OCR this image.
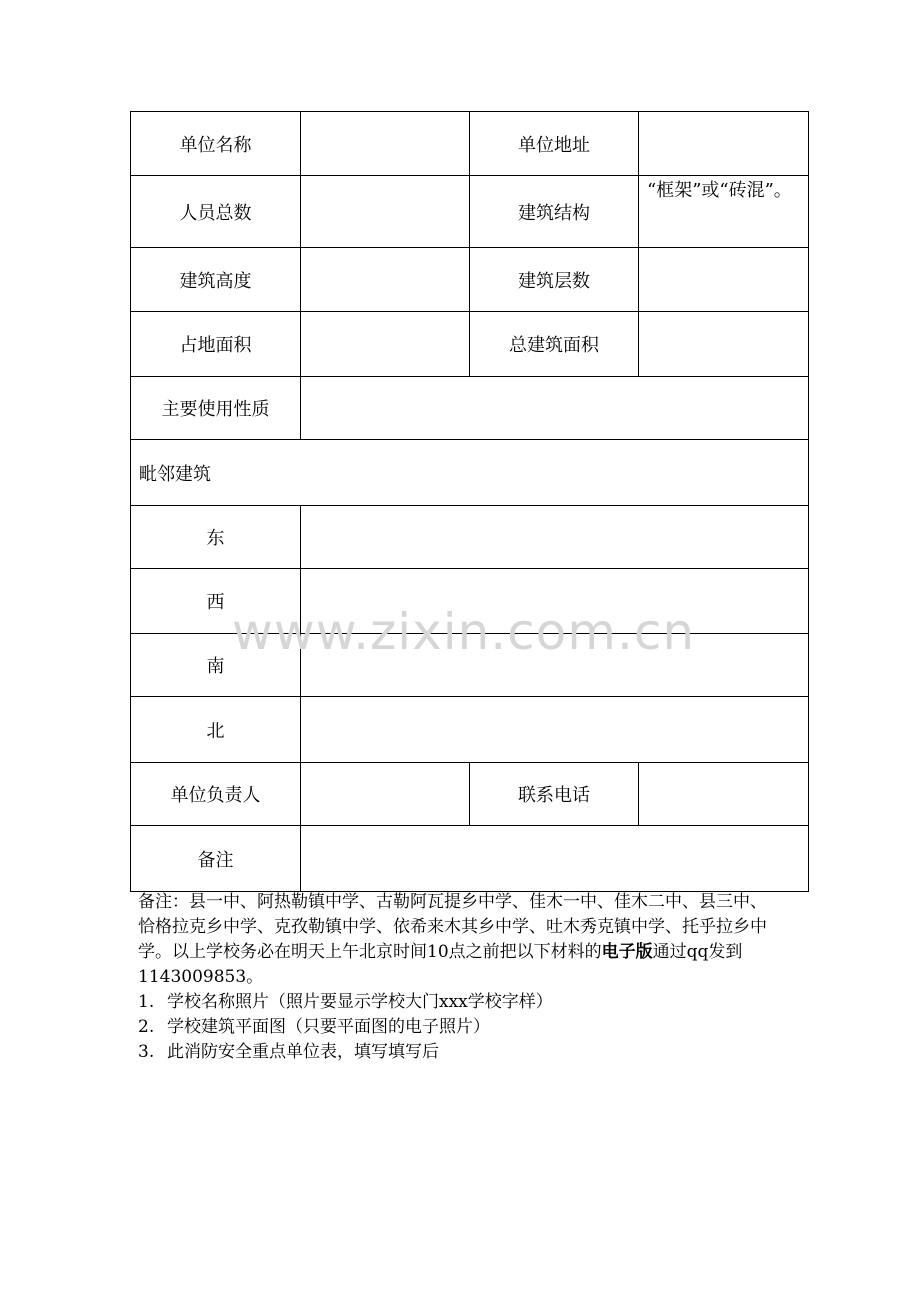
单位名称		单位地址	
人员总数		建筑结构	“框架”或“砖混”。
建筑高度		建筑层数	
占地面积		总建筑面积	
主要使用性质			
毗邻建筑			
东			
西			
南			
北			
单位负责人		联系电话	
备注			
www.zixin.com.cn

备注：县一中、阿热勒镇中学、古勒阿瓦提乡中学、佳木一中、佳木二中、县三中、恰格拉克乡中学、克孜勒镇中学、依希来木其乡中学、吐木秀克镇中学、托乎拉乡中学。以上学校务必在明天上午北京时间10点之前把以下材料的电子版通过qq发到1143009853。

1. 学校名称照片（照片要显示学校大门xxx学校字样）
2. 学校建筑平面图（只要平面图的电子照片）
3. 此消防安全重点单位表，填写填写后
